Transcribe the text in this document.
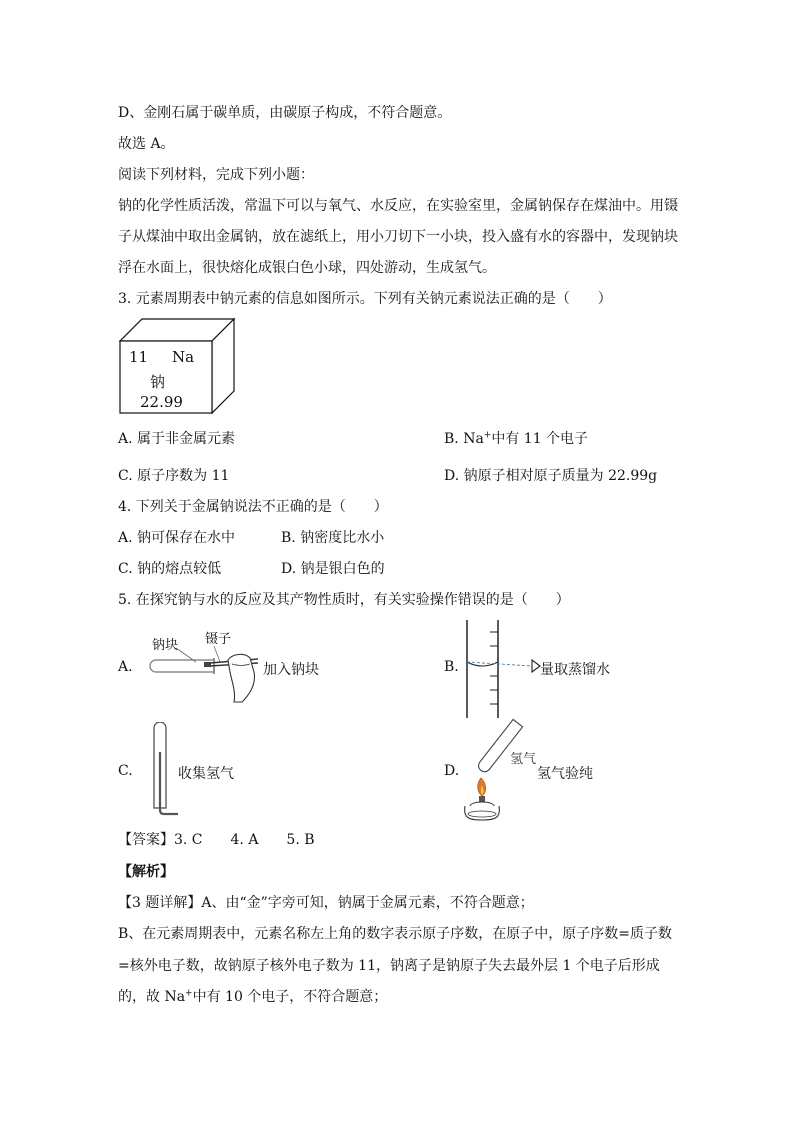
D、金刚石属于碳单质，由碳原子构成，不符合题意。
故选 A。
阅读下列材料，完成下列小题：
钠的化学性质活泼，常温下可以与氧气、水反应，在实验室里，金属钠保存在煤油中。用镊
子从煤油中取出金属钠，放在滤纸上，用小刀切下一小块，投入盛有水的容器中，发现钠块
浮在水面上，很快熔化成银白色小球，四处游动，生成氢气。
3. 元素周期表中钠元素的信息如图所示。下列有关钠元素说法正确的是（　　）
11 Na
钠
22.99
A. 属于非金属元素	B. Na+中有 11 个电子
C. 原子序数为 11	D. 钠原子相对原子质量为 22.99g
4. 下列关于金属钠说法不正确的是（　　）
A. 钠可保存在水中	B. 钠密度比水小
C. 钠的熔点较低	D. 钠是银白色的
5. 在探究钠与水的反应及其产物性质时，有关实验操作错误的是（　　）
A.
钠块 镊子
加入钠块	B.	量取蒸馏水
C.	收集氢气	D.
氢气
氢气验纯
【答案】3. C　　4. A　　5. B
【解析】
【3 题详解】A、由“金”字旁可知，钠属于金属元素，不符合题意；
B、在元素周期表中，元素名称左上角的数字表示原子序数，在原子中，原子序数=质子数
=核外电子数，故钠原子核外电子数为 11，钠离子是钠原子失去最外层 1 个电子后形成
的，故 Na+中有 10 个电子，不符合题意；
